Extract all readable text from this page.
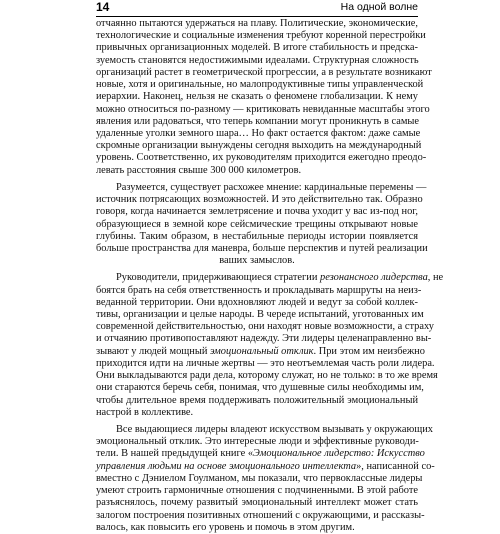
14	На одной волне
отчаянно пытаются удержаться на плаву. Политические, экономические,
технологические и социальные изменения требуют коренной перестройки
привычных организационных моделей. В итоге стабильность и предска-
зуемость становятся недостижимыми идеалами. Структурная сложность
организаций растет в геометрической прогрессии, а в результате возникают
новые, хотя и оригинальные, но малопродуктивные типы управленческой
иерархии. Наконец, нельзя не сказать о феномене глобализации. К нему
можно относиться по-разному — критиковать невиданные масштабы этого
явления или радоваться, что теперь компании могут проникнуть в самые
удаленные уголки земного шара… Но факт остается фактом: даже самые
скромные организации вынуждены сегодня выходить на международный
уровень. Соответственно, их руководителям приходится ежегодно преодо-
левать расстояния свыше 300 000 километров.
Разумеется, существует расхожее мнение: кардинальные перемены —
источник потрясающих возможностей. И это действительно так. Образно
говоря, когда начинается землетрясение и почва уходит у вас из-под ног,
образующиеся в земной коре сейсмические трещины открывают новые
глубины. Таким образом, в нестабильные периоды истории появляется
больше пространства для маневра, больше перспектив и путей реализации
ваших замыслов.
Руководители, придерживающиеся стратегии резонансного лидерства, не
боятся брать на себя ответственность и прокладывать маршруты на неиз-
веданной территории. Они вдохновляют людей и ведут за собой коллек-
тивы, организации и целые народы. В череде испытаний, уготованных им
современной действительностью, они находят новые возможности, а страху
и отчаянию противопоставляют надежду. Эти лидеры целенаправленно вы-
зывают у людей мощный эмоциональный отклик. При этом им неизбежно
приходится идти на личные жертвы — это неотъемлемая часть роли лидера.
Они выкладываются ради дела, которому служат, но не только: в то же время
они стараются беречь себя, понимая, что душевные силы необходимы им,
чтобы длительное время поддерживать положительный эмоциональный
настрой в коллективе.
Все выдающиеся лидеры владеют искусством вызывать у окружающих
эмоциональный отклик. Это интересные люди и эффективные руководи-
тели. В нашей предыдущей книге «Эмоциональное лидерство: Искусство
управления людьми на основе эмоционального интеллекта», написанной со-
вместно с Дэниелом Гоулманом, мы показали, что первоклассные лидеры
умеют строить гармоничные отношения с подчиненными. В этой работе
разъяснялось, почему развитый эмоциональный интеллект может стать
залогом построения позитивных отношений с окружающими, и рассказы-
валось, как повысить его уровень и помочь в этом другим.
